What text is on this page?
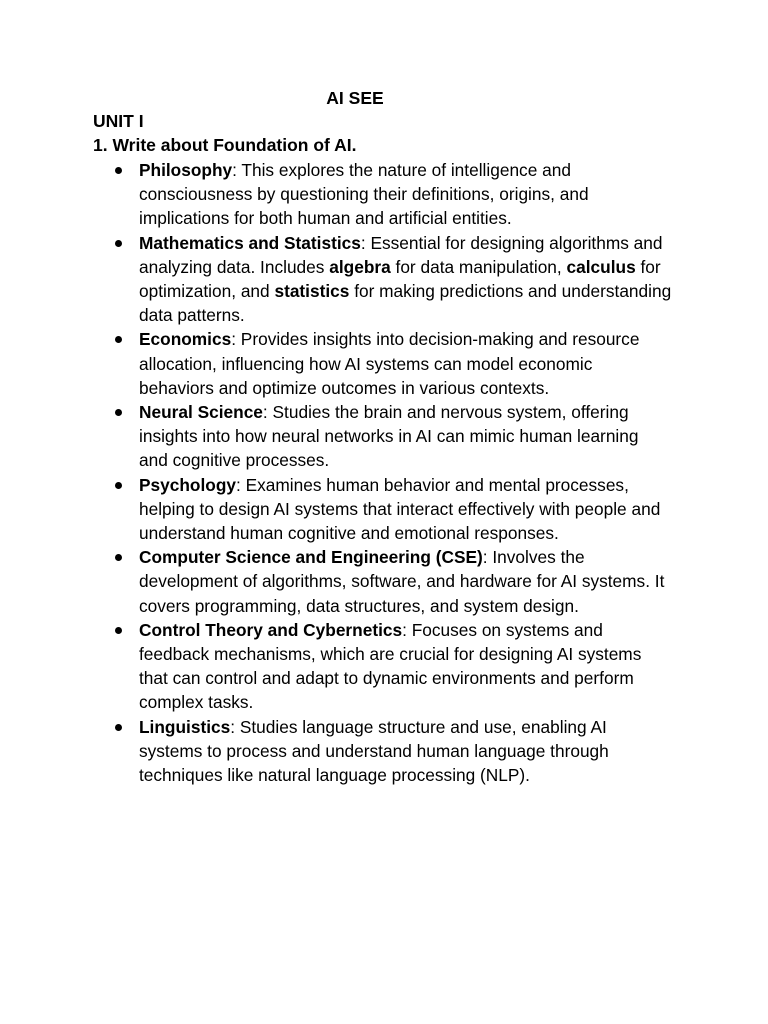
AI SEE
UNIT I
1. Write about Foundation of AI.
Philosophy: This explores the nature of intelligence and consciousness by questioning their definitions, origins, and implications for both human and artificial entities.
Mathematics and Statistics: Essential for designing algorithms and analyzing data. Includes algebra for data manipulation, calculus for optimization, and statistics for making predictions and understanding data patterns.
Economics: Provides insights into decision-making and resource allocation, influencing how AI systems can model economic behaviors and optimize outcomes in various contexts.
Neural Science: Studies the brain and nervous system, offering insights into how neural networks in AI can mimic human learning and cognitive processes.
Psychology: Examines human behavior and mental processes, helping to design AI systems that interact effectively with people and understand human cognitive and emotional responses.
Computer Science and Engineering (CSE): Involves the development of algorithms, software, and hardware for AI systems. It covers programming, data structures, and system design.
Control Theory and Cybernetics: Focuses on systems and feedback mechanisms, which are crucial for designing AI systems that can control and adapt to dynamic environments and perform complex tasks.
Linguistics: Studies language structure and use, enabling AI systems to process and understand human language through techniques like natural language processing (NLP).
